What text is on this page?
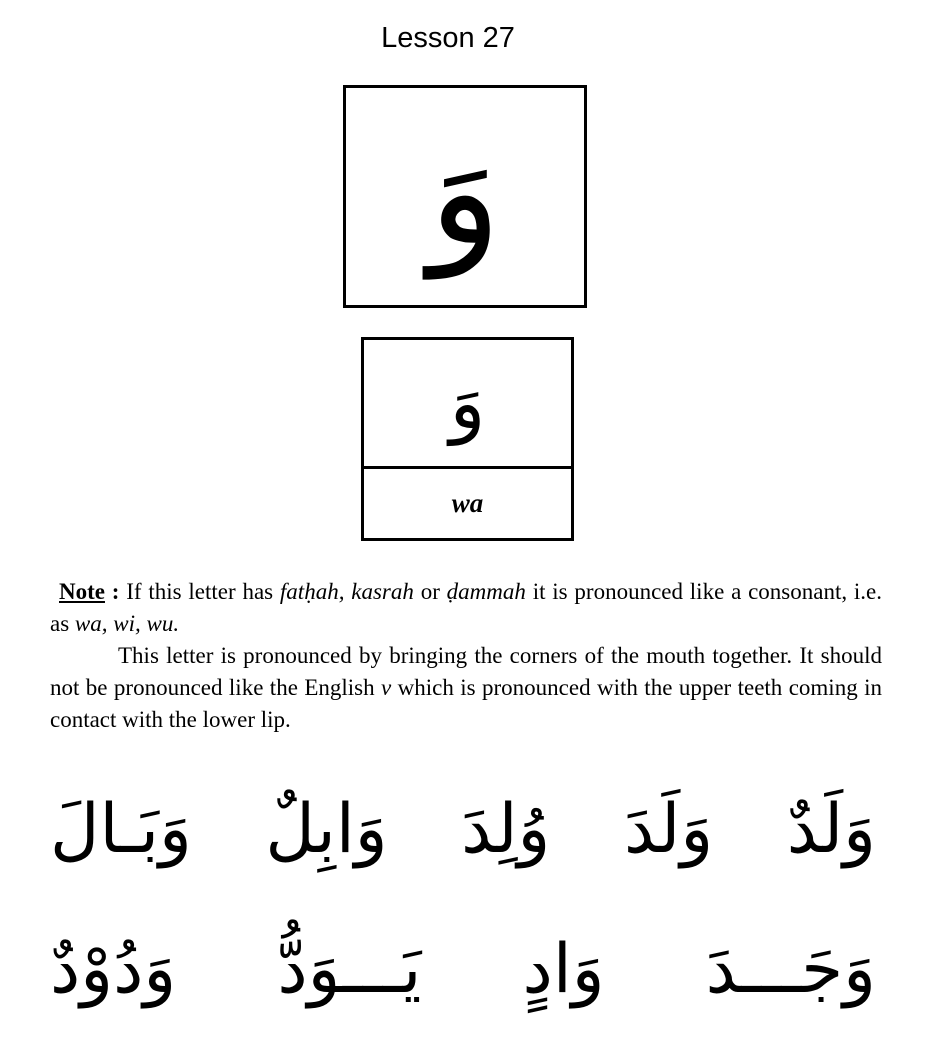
Lesson 27
وَ
وَ
wa

Note : If this letter has fatḥah, kasrah or ḍammah it is pronounced like a consonant, i.e. as wa, wi, wu.

This letter is pronounced by bringing the corners of the mouth together. It should not be pronounced like the English v which is pronounced with the upper teeth coming in contact with the lower lip.

وَلَدٌ
وَلَدَ
وُلِدَ
وَابِلٌ
وَبَـالَ
وَجَـــدَ
وَادٍ
يَـــوَدُّ
وَدُوْدٌ
